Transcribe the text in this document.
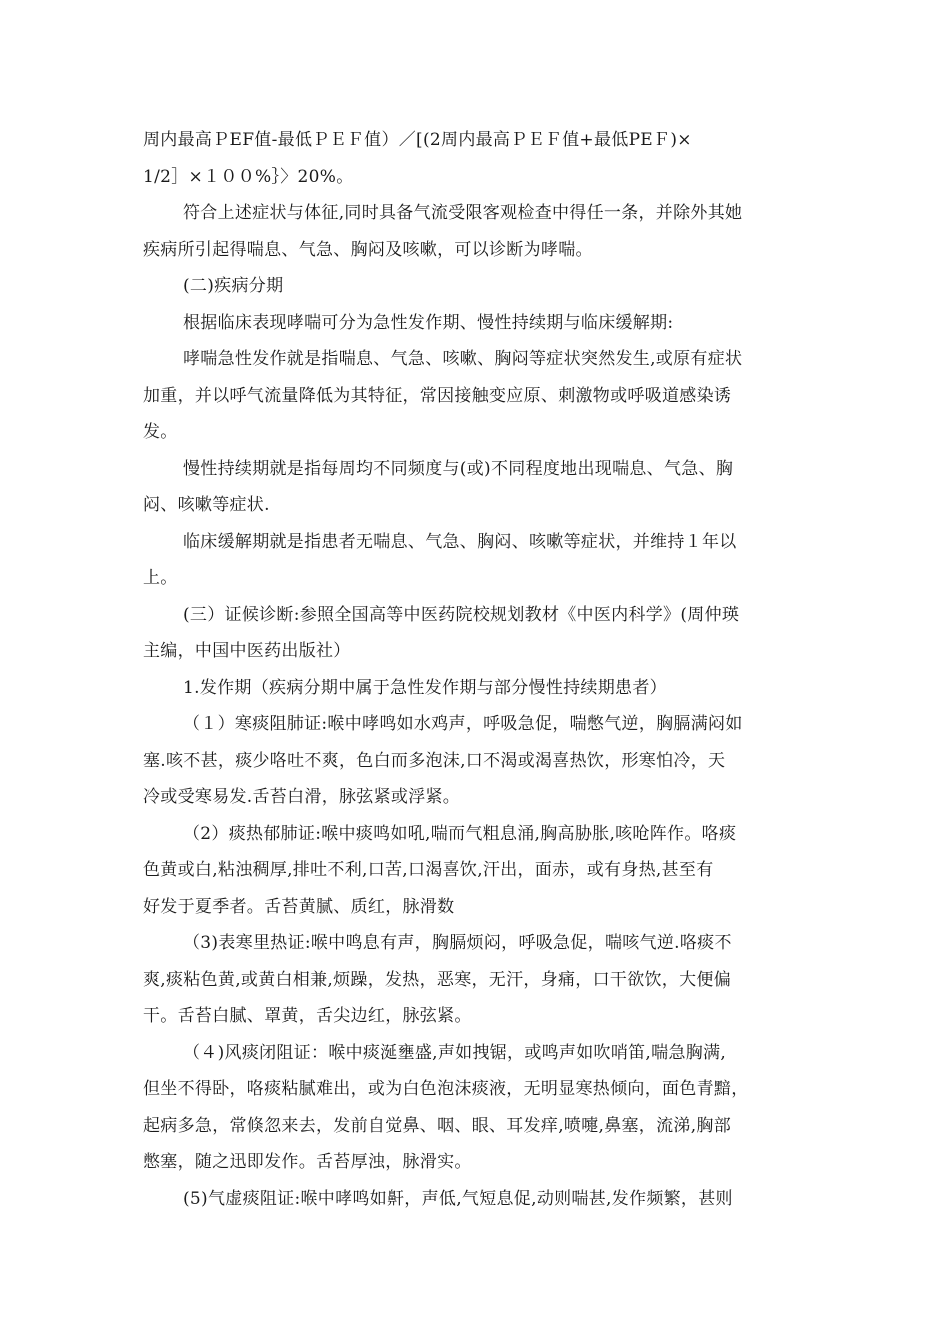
周内最高ＰEF值-最低ＰＥＦ值）／[(2周内最高ＰＥＦ值+最低PEＦ)×
1/2］×１００%｝〉20%。
符合上述症状与体征,同时具备气流受限客观检查中得任一条，并除外其她
疾病所引起得喘息、气急、胸闷及咳嗽，可以诊断为哮喘。
(二)疾病分期
根据临床表现哮喘可分为急性发作期、慢性持续期与临床缓解期:
哮喘急性发作就是指喘息、气急、咳嗽、胸闷等症状突然发生,或原有症状
加重，并以呼气流量降低为其特征，常因接触变应原、刺激物或呼吸道感染诱
发。
慢性持续期就是指每周均不同频度与(或)不同程度地出现喘息、气急、胸
闷、咳嗽等症状.
临床缓解期就是指患者无喘息、气急、胸闷、咳嗽等症状，并维持１年以
上。
(三）证候诊断:参照全国高等中医药院校规划教材《中医内科学》(周仲瑛
主编，中国中医药出版社）
1.发作期（疾病分期中属于急性发作期与部分慢性持续期患者）
（１）寒痰阻肺证:喉中哮鸣如水鸡声，呼吸急促，喘憋气逆，胸膈满闷如
塞.咳不甚，痰少咯吐不爽，色白而多泡沫,口不渴或渴喜热饮，形寒怕冷，天
冷或受寒易发.舌苔白滑，脉弦紧或浮紧。
（2）痰热郁肺证:喉中痰鸣如吼,喘而气粗息涌,胸高胁胀,咳呛阵作。咯痰
色黄或白,粘浊稠厚,排吐不利,口苦,口渴喜饮,汗出，面赤，或有身热,甚至有
好发于夏季者。舌苔黄腻、质红，脉滑数
（3)表寒里热证:喉中鸣息有声，胸膈烦闷，呼吸急促，喘咳气逆.咯痰不
爽,痰粘色黄,或黄白相兼,烦躁，发热，恶寒，无汗，身痛，口干欲饮，大便偏
干。舌苔白腻、罩黄，舌尖边红，脉弦紧。
（４)风痰闭阻证：喉中痰涎壅盛,声如拽锯，或鸣声如吹哨笛,喘急胸满,
但坐不得卧，咯痰粘腻难出，或为白色泡沫痰液，无明显寒热倾向，面色青黯，
起病多急，常倏忽来去，发前自觉鼻、咽、眼、耳发痒,喷嚏,鼻塞，流涕,胸部
憋塞，随之迅即发作。舌苔厚浊，脉滑实。
(5)气虚痰阻证:喉中哮鸣如鼾，声低,气短息促,动则喘甚,发作频繁，甚则
